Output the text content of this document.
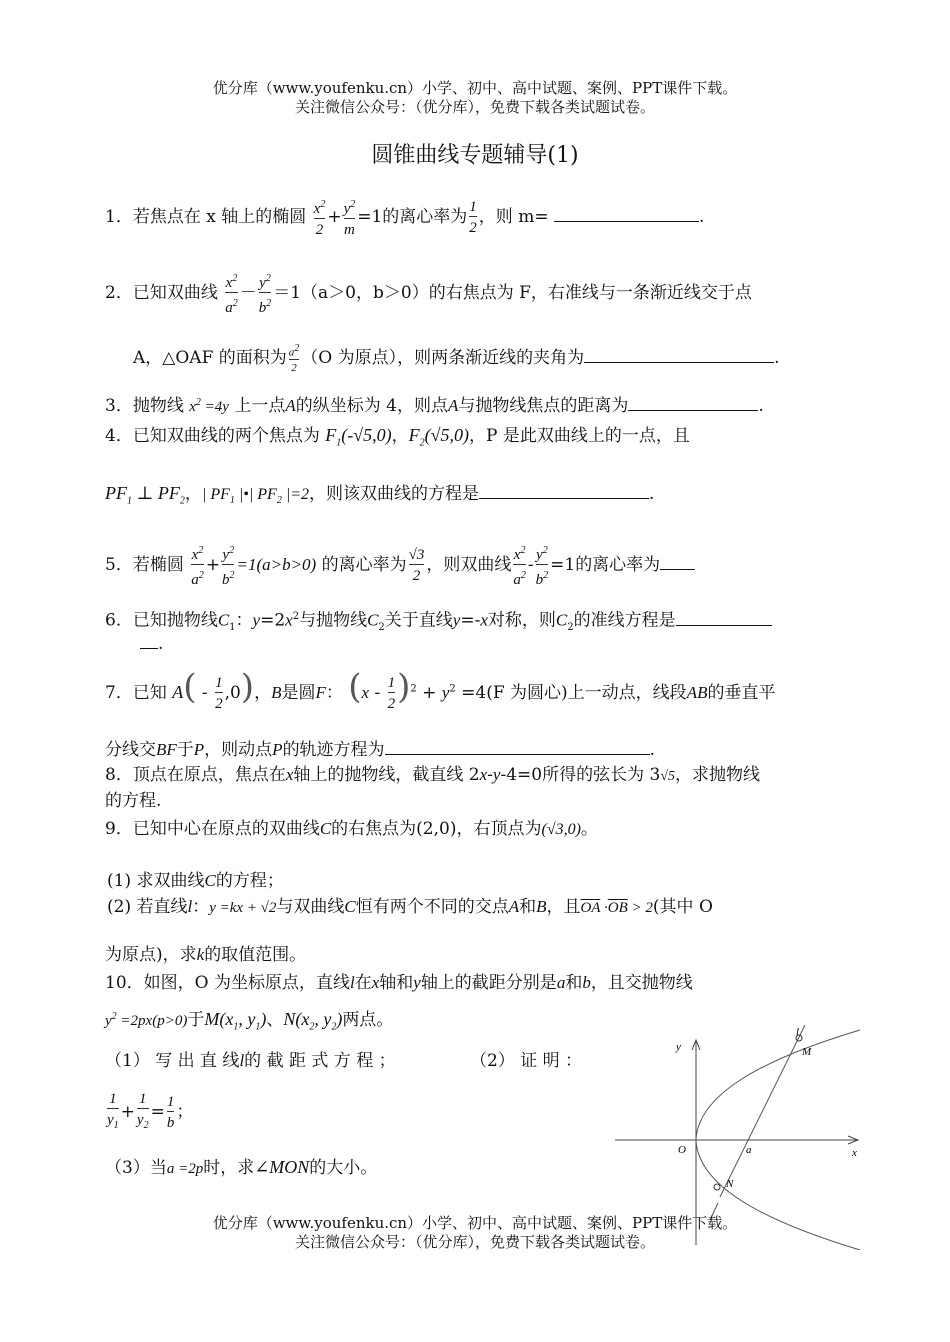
优分库（www.youfenku.cn）小学、初中、高中试题、案例、PPT课件下载。
关注微信公众号：（优分库），免费下载各类试题试卷。
圆锥曲线专题辅导(1)
1．若焦点在 x 轴上的椭圆 $\frac{x^2}{2} + \frac{y^2}{m} =1$的离心率为 $\frac{1}{2}$ ，则 m=	.
2．已知双曲线 $\frac{x^2}{a^2} - \frac{y^2}{b^2} =1(a>0$，b＞0）的右焦点为 F，右准线与一条渐近线交于点
A，△OAF 的面积为 $\frac{a^2}{2} (O$ 为原点），则两条渐近线的夹角为	.
3．抛物线 $x^2 =4y$ 上一点A的纵坐标为 4，则点A与抛物线焦点的距离为	.
4．已知双曲线的两个焦点为 $F_1(-√5,0)$，$F_2(√5,0)$，P 是此双曲线上的一点，且
$PF_1$ ⊥ $PF_2$，| $PF_1$ |•| $PF_2$ |=2，则该双曲线的方程是	.
5．若椭圆 $\frac{x^2}{a^2} + \frac{y^2}{b^2} =1(a>b>0)$ 的离心率为 $\frac{√3}{2}$ ，则双曲线 $\frac{x^2}{a^2} - \frac{y^2}{b^2} =1$的离心率为
6．已知抛物线$C_1$：$y=2x^2$与抛物线$C_2$关于直线y=-x对称，则$C_2$的准线方程是
.
7．已知 $A( - \frac{1}{2} ,0)$，B是圆F： $(x - \frac{1}{2} )^2 + y^2 =4(F$ 为圆心)上一动点，线段AB的垂直平
分线交BF于P，则动点P的轨迹方程为	.
8．顶点在原点，焦点在x轴上的抛物线，截直线 2x-y-4=0所得的弦长为 3√5，求抛物线
的方程.
9．已知中心在原点的双曲线C的右焦点为(2,0)，右顶点为(√3,0)。
(1) 求双曲线C的方程；
(2) 若直线l：y =kx + √2与双曲线C恒有两个不同的交点A和B，且$\overline{OA} \cdot\overline{OB} > 2$(其中 O
为原点)，求k的取值范围。
10．如图，O 为坐标原点，直线l在x轴和y轴上的截距分别是a和b，且交抛物线
$y^2 =2px(p>0)$于$M(x_1$, $y_1$)、$N(x_2$, $y_2$)两点。
（1） 写 出 直 线l的 截 距 式 方 程 ；	（2） 证 明 ：
$\frac{1}{y_1} + \frac{1}{y_2} = \frac{1}{b}$ ；
（3）当a =2p时，求∠MON的大小。
y
x
O	a
M
N
l
优分库（www.youfenku.cn）小学、初中、高中试题、案例、PPT课件下载。
关注微信公众号：（优分库），免费下载各类试题试卷。
